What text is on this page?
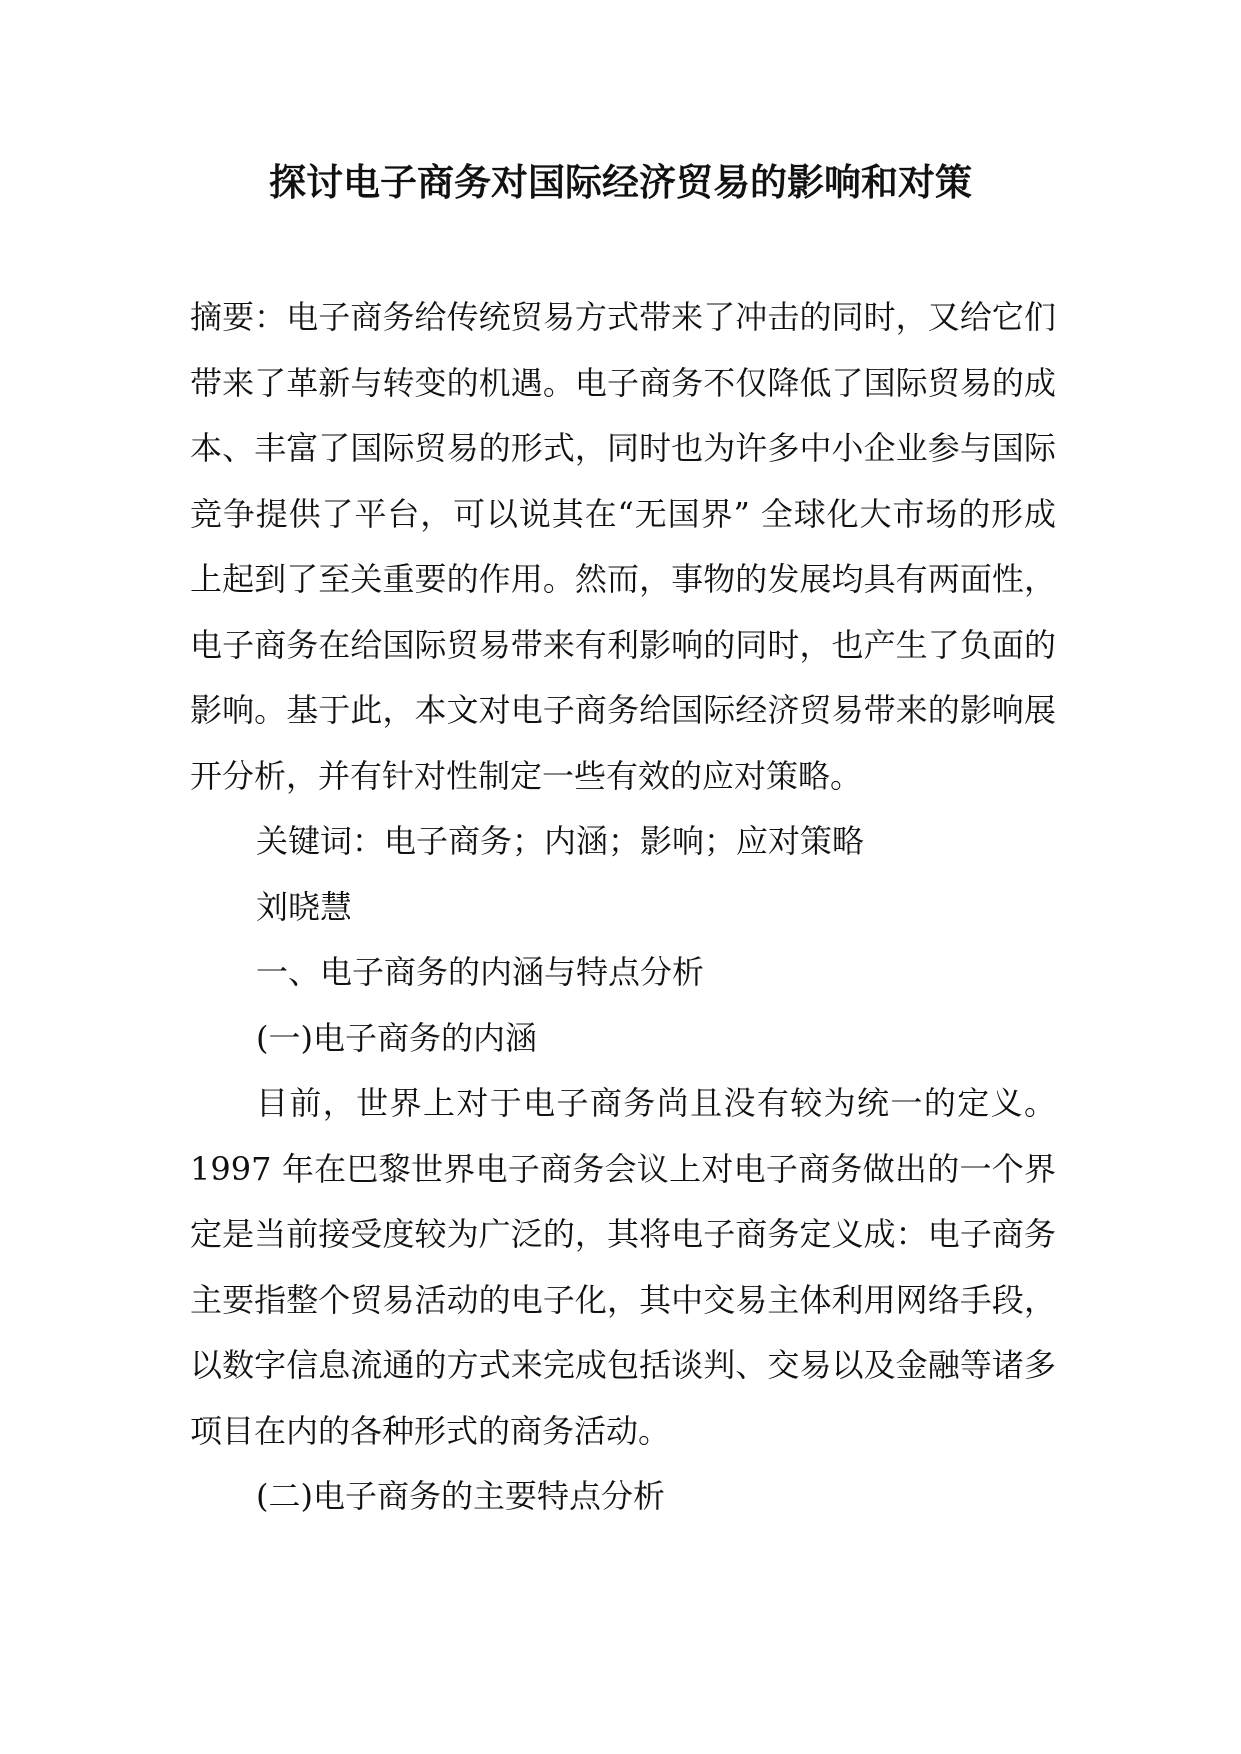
探讨电子商务对国际经济贸易的影响和对策

摘要：电子商务给传统贸易方式带来了冲击的同时，又给它们带来了革新与转变的机遇。电子商务不仅降低了国际贸易的成本、丰富了国际贸易的形式，同时也为许多中小企业参与国际竞争提供了平台，可以说其在“无国界” 全球化大市场的形成上起到了至关重要的作用。然而，事物的发展均具有两面性，电子商务在给国际贸易带来有利影响的同时，也产生了负面的影响。基于此，本文对电子商务给国际经济贸易带来的影响展开分析，并有针对性制定一些有效的应对策略。

关键词：电子商务；内涵；影响；应对策略

刘晓慧

一、电子商务的内涵与特点分析

(一)电子商务的内涵

目前，世界上对于电子商务尚且没有较为统一的定义。1997 年在巴黎世界电子商务会议上对电子商务做出的一个界定是当前接受度较为广泛的，其将电子商务定义成：电子商务主要指整个贸易活动的电子化，其中交易主体利用网络手段，以数字信息流通的方式来完成包括谈判、交易以及金融等诸多项目在内的各种形式的商务活动。

(二)电子商务的主要特点分析
